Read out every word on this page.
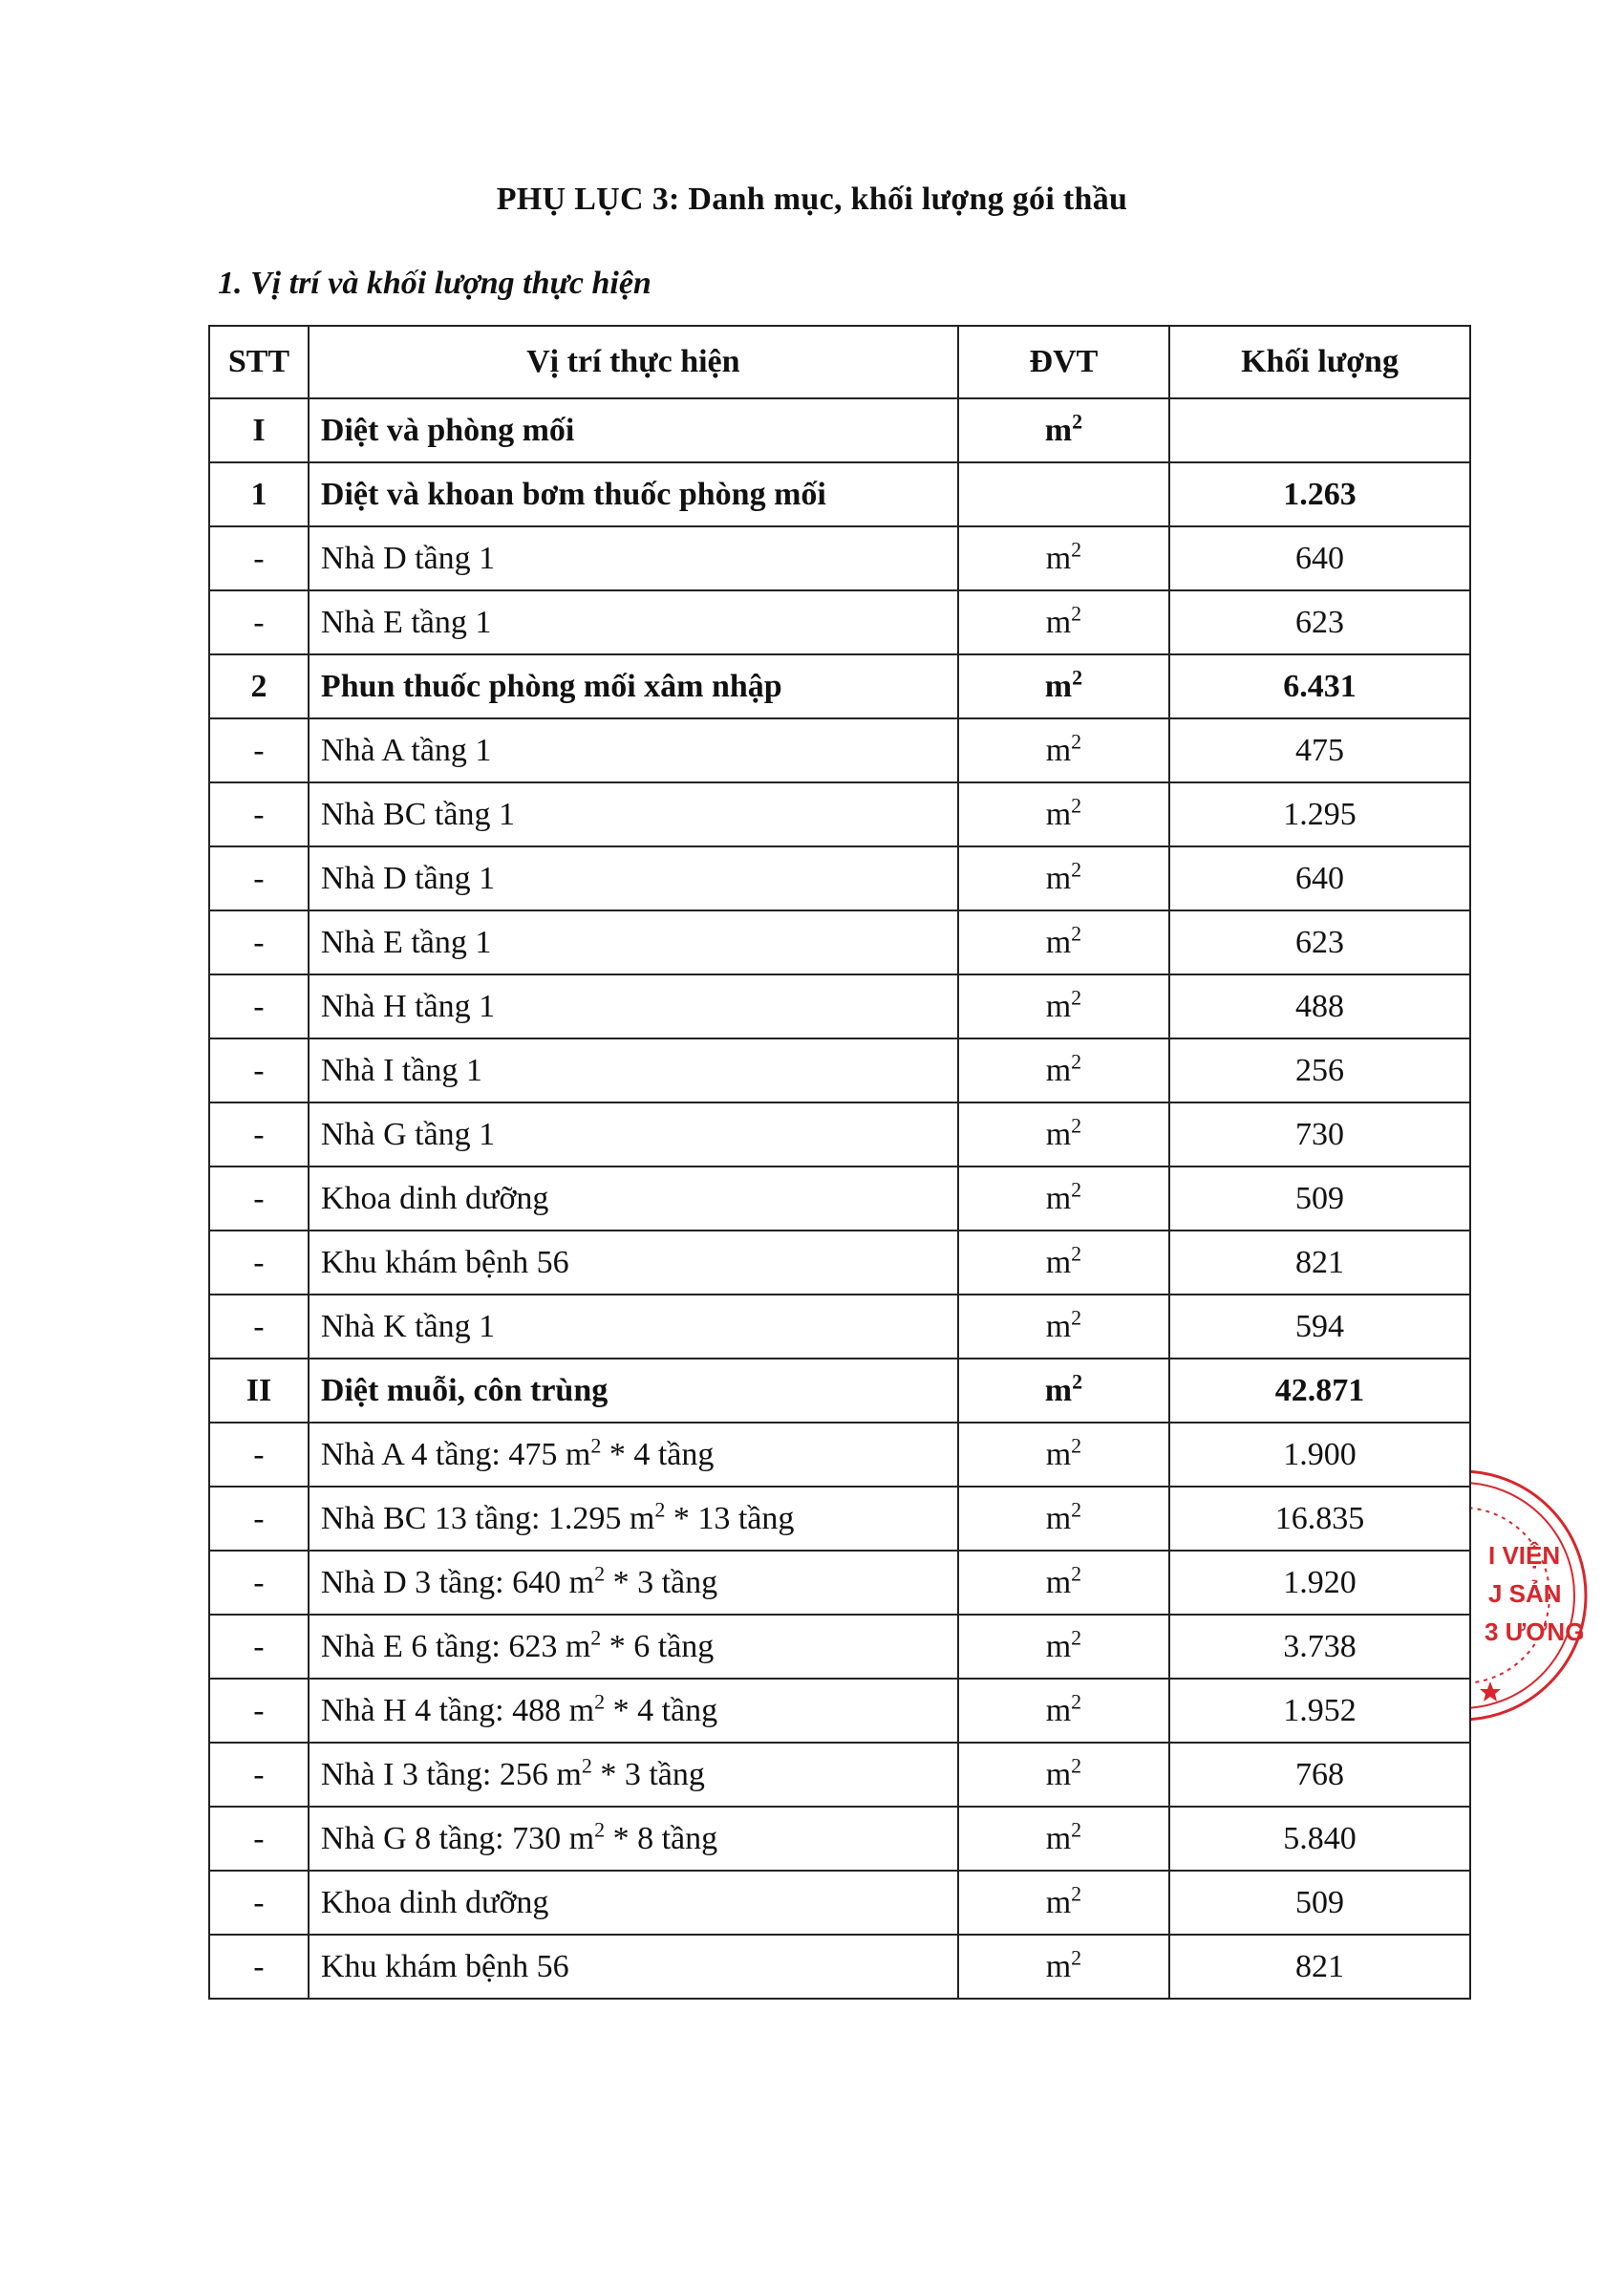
PHỤ LỤC 3: Danh mục, khối lượng gói thầu
1. Vị trí và khối lượng thực hiện
STT	Vị trí thực hiện	ĐVT	Khối lượng
I	Diệt và phòng mối	$m^2$	
1	Diệt và khoan bơm thuốc phòng mối		1.263
-	Nhà D tầng 1	$m^2$	640
-	Nhà E tầng 1	$m^2$	623
2	Phun thuốc phòng mối xâm nhập	$m^2$	6.431
-	Nhà A tầng 1	$m^2$	475
-	Nhà BC tầng 1	$m^2$	1.295
-	Nhà D tầng 1	$m^2$	640
-	Nhà E tầng 1	$m^2$	623
-	Nhà H tầng 1	$m^2$	488
-	Nhà I tầng 1	$m^2$	256
-	Nhà G tầng 1	$m^2$	730
-	Khoa dinh dưỡng	$m^2$	509
-	Khu khám bệnh 56	$m^2$	821
-	Nhà K tầng 1	$m^2$	594
II	Diệt muỗi, côn trùng	$m^2$	42.871
-	Nhà A 4 tầng: 475 $m^2 * 4$ tầng	$m^2$	1.900
-	Nhà BC 13 tầng: 1.295 $m^2 * 13$ tầng	$m^2$	16.835
-	Nhà D 3 tầng: 640 $m^2 * 3$ tầng	$m^2$	1.920
-	Nhà E 6 tầng: 623 $m^2 * 6$ tầng	$m^2$	3.738
-	Nhà H 4 tầng: 488 $m^2 * 4$ tầng	$m^2$	1.952
-	Nhà I 3 tầng: 256 $m^2 * 3$ tầng	$m^2$	768
-	Nhà G 8 tầng: 730 $m^2 * 8$ tầng	$m^2$	5.840
-	Khoa dinh dưỡng	$m^2$	509
-	Khu khám bệnh 56	$m^2$	821
I VIỆN
J SẢN
3 ƯƠNG
